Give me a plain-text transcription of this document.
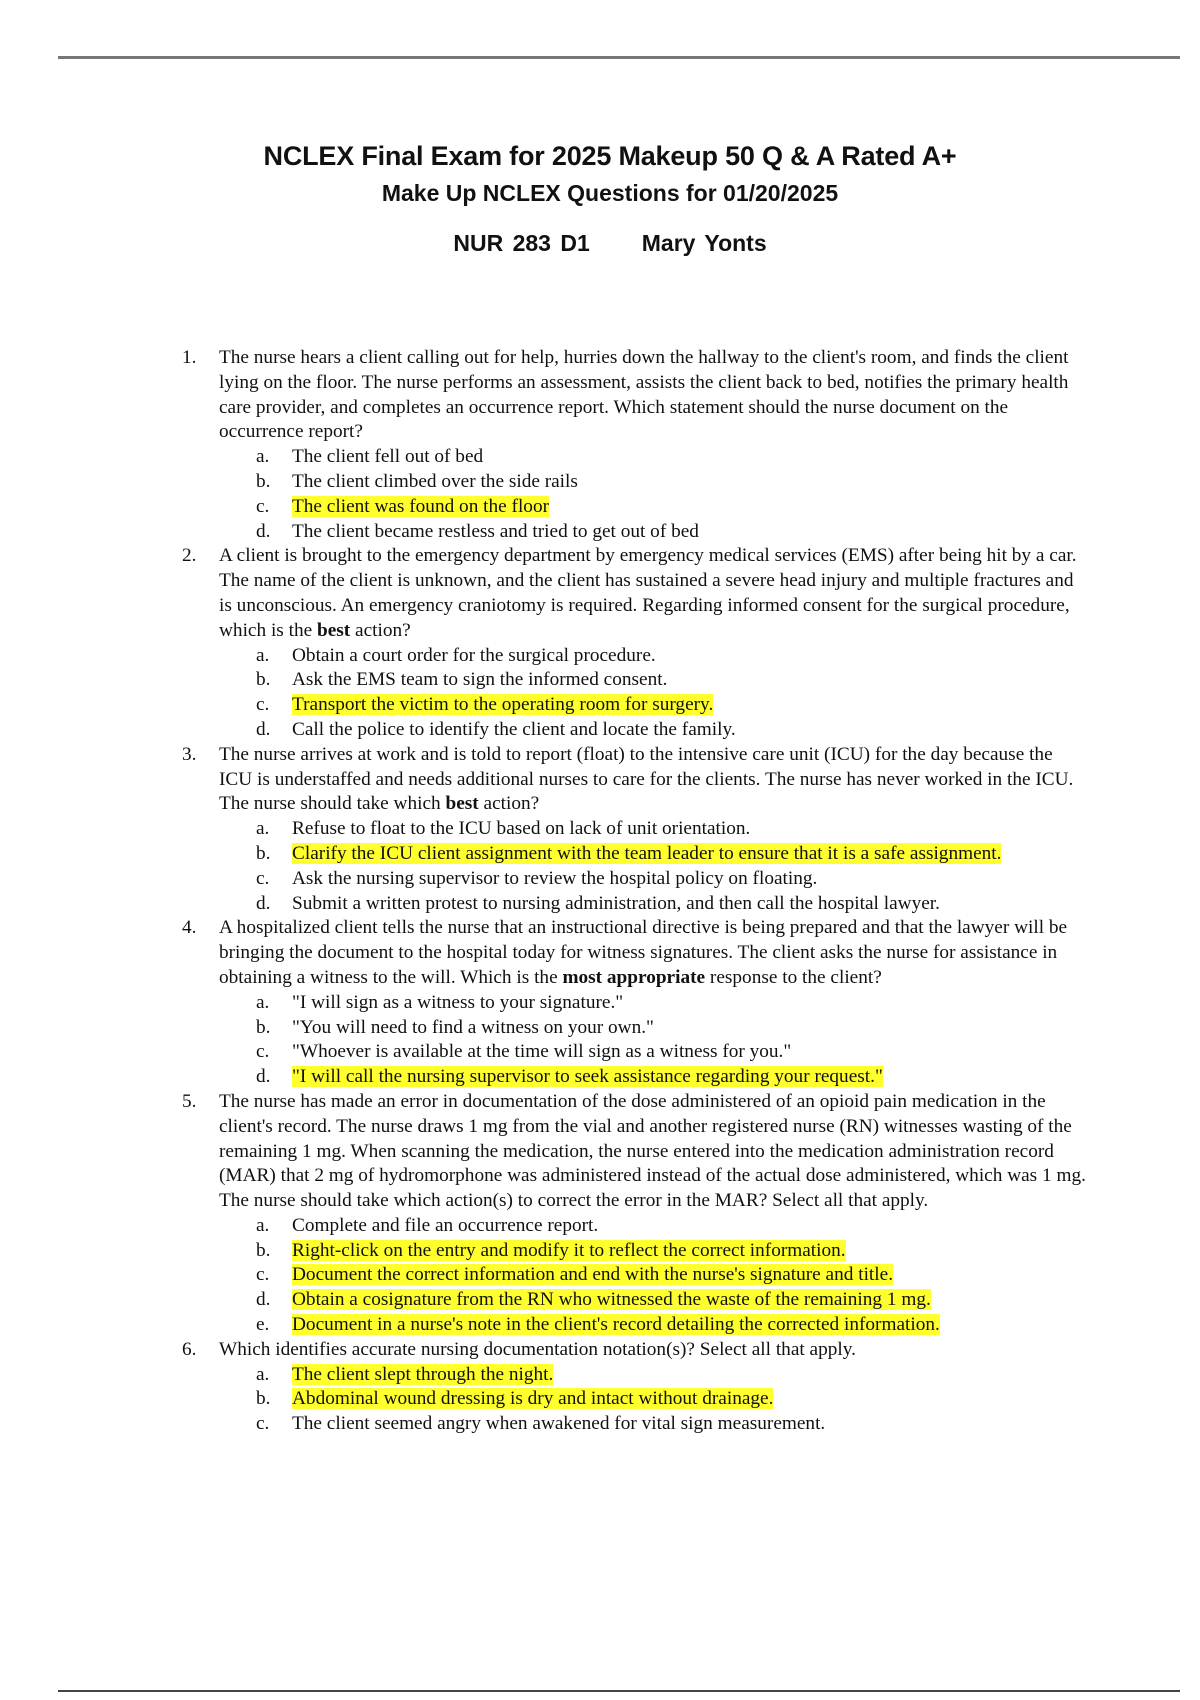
NCLEX Final Exam for 2025 Makeup 50 Q & A Rated A+
Make Up NCLEX Questions for 01/20/2025
NUR 283 D1 Mary Yonts
1. The nurse hears a client calling out for help, hurries down the hallway to the client's room, and finds the client lying on the floor. The nurse performs an assessment, assists the client back to bed, notifies the primary health care provider, and completes an occurrence report. Which statement should the nurse document on the occurrence report?
a. The client fell out of bed
b. The client climbed over the side rails
c. The client was found on the floor
d. The client became restless and tried to get out of bed
2. A client is brought to the emergency department by emergency medical services (EMS) after being hit by a car. The name of the client is unknown, and the client has sustained a severe head injury and multiple fractures and is unconscious. An emergency craniotomy is required. Regarding informed consent for the surgical procedure, which is the best action?
a. Obtain a court order for the surgical procedure.
b. Ask the EMS team to sign the informed consent.
c. Transport the victim to the operating room for surgery.
d. Call the police to identify the client and locate the family.
3. The nurse arrives at work and is told to report (float) to the intensive care unit (ICU) for the day because the ICU is understaffed and needs additional nurses to care for the clients. The nurse has never worked in the ICU. The nurse should take which best action?
a. Refuse to float to the ICU based on lack of unit orientation.
b. Clarify the ICU client assignment with the team leader to ensure that it is a safe assignment.
c. Ask the nursing supervisor to review the hospital policy on floating.
d. Submit a written protest to nursing administration, and then call the hospital lawyer.
4. A hospitalized client tells the nurse that an instructional directive is being prepared and that the lawyer will be bringing the document to the hospital today for witness signatures. The client asks the nurse for assistance in obtaining a witness to the will. Which is the most appropriate response to the client?
a. "I will sign as a witness to your signature."
b. "You will need to find a witness on your own."
c. "Whoever is available at the time will sign as a witness for you."
d. "I will call the nursing supervisor to seek assistance regarding your request."
5. The nurse has made an error in documentation of the dose administered of an opioid pain medication in the client's record. The nurse draws 1 mg from the vial and another registered nurse (RN) witnesses wasting of the remaining 1 mg. When scanning the medication, the nurse entered into the medication administration record (MAR) that 2 mg of hydromorphone was administered instead of the actual dose administered, which was 1 mg. The nurse should take which action(s) to correct the error in the MAR? Select all that apply.
a. Complete and file an occurrence report.
b. Right-click on the entry and modify it to reflect the correct information.
c. Document the correct information and end with the nurse's signature and title.
d. Obtain a cosignature from the RN who witnessed the waste of the remaining 1 mg.
e. Document in a nurse's note in the client's record detailing the corrected information.
6. Which identifies accurate nursing documentation notation(s)? Select all that apply.
a. The client slept through the night.
b. Abdominal wound dressing is dry and intact without drainage.
c. The client seemed angry when awakened for vital sign measurement.
